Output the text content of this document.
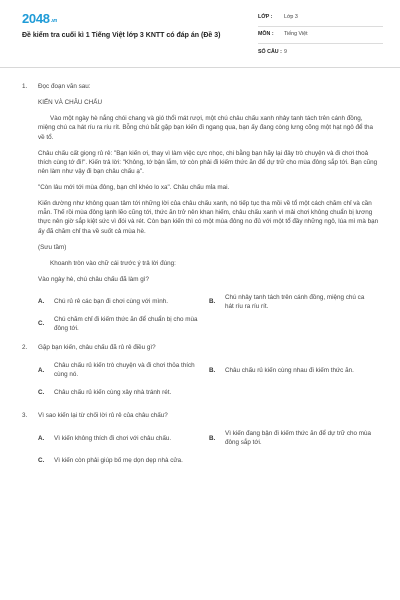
2048.vn
Đề kiểm tra cuối kì 1 Tiếng Việt lớp 3 KNTT có đáp án (Đề 3)
LỚP :	Lớp 3
MÔN :	Tiếng Việt
SỐ CÂU : 9
1.	Đọc đoạn văn sau:
KIẾN VÀ CHÂU CHẤU
Vào một ngày hè nắng chói chang và gió thổi mát rượi, một chú châu chấu xanh nhảy tanh tách trên cánh đồng, miệng chú ca hát ríu ra ríu rít. Bỗng chú bắt gặp bạn kiến đi ngang qua, bạn ấy đang còng lưng cõng một hạt ngô để tha về tổ.
Châu chấu cất giọng rủ rê: "Bạn kiến ơi, thay vì làm việc cực nhọc, chi bằng bạn hãy lại đây trò chuyện và đi chơi thoả thích cùng tớ đi!". Kiến trả lời: "Không, tớ bận lắm, tớ còn phải đi kiếm thức ăn để dự trữ cho mùa đông sắp tới. Bạn cũng nên làm như vậy đi bạn châu chấu ạ".
"Còn lâu mới tới mùa đông, bạn chỉ khéo lo xa". Châu chấu mỉa mai.
Kiến dường như không quan tâm tới những lời của châu chấu xanh, nó tiếp tục tha mồi về tổ một cách chăm chỉ và cần mẫn. Thế rồi mùa đông lạnh lẽo cũng tới, thức ăn trở nên khan hiếm, châu chấu xanh vì mải chơi không chuẩn bị lương thực nên giờ sắp kiệt sức vì đói và rét. Còn bạn kiến thì có một mùa đông no đủ với một tổ đầy những ngô, lúa mì mà bạn ấy đã chăm chỉ tha về suốt cả mùa hè.
(Sưu tầm)
Khoanh tròn vào chữ cái trước ý trả lời đúng:
Vào ngày hè, chú châu chấu đã làm gì?
A.	Chú rủ rê các bạn đi chơi cùng với mình.	B.
Chú nhảy tanh tách trên cánh đồng, miệng chú ca hát ríu ra ríu rít.
C.
Chú chăm chỉ đi kiếm thức ăn để chuẩn bị cho mùa đông tới.
2.	Gặp bạn kiến, châu chấu đã rủ rê điều gì?
A.
Châu chấu rủ kiến trò chuyện và đi chơi thỏa thích cùng nó.
B.	Châu chấu rủ kiến cùng nhau đi kiếm thức ăn.
C.	Châu chấu rủ kiến cùng xây nhà tránh rét.
3.	Vì sao kiến lại từ chối lời rủ rê của châu chấu?
A.	Vì kiến không thích đi chơi với châu chấu.	B.
Vì kiến đang bận đi kiếm thức ăn để dự trữ cho mùa đông sắp tới.
C.	Vì kiến còn phải giúp bố mẹ dọn dẹp nhà cửa.
